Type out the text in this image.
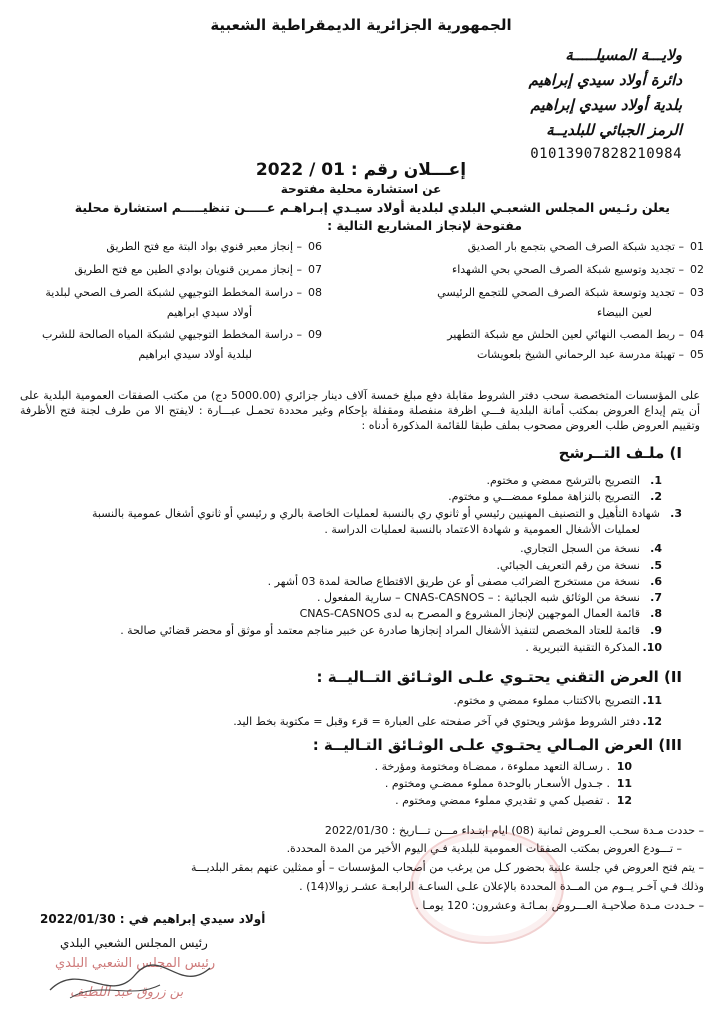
الجمهورية الجزائرية الديمقراطية الشعبية
ولايـــة المسيلـــــة
دائرة أولاد سيدي إبراهيم
بلدية أولاد سيدي إبراهيم
الرمز الجبائي للبلديــة
01013907828210984
إعـــلان رقم : 01 / 2022
عن استشارة محلية مفتوحة
يعلن رئـيس المجلس الشعبـي البلدي لبلدية أولاد سيـدي إبـراهـم عـــــن تنظيـــــم استشارة محلية
مفتوحة لإنجاز المشاريع التالية :
01– تجديد شبكة الصرف الصحي بتجمع بار الصديق
02– تجديد وتوسيع شبكة الصرف الصحي بحي الشهداء
03– تجديد وتوسعة شبكة الصرف الصحي للتجمع الرئيسي
لعين البيضاء
04– ربط المصب النهائي لعين الحلش مع شبكة التطهير
05– تهيئة مدرسة عبد الرحماني الشيخ بلعويشات
06– إنجاز معبر قنوي بواد البتة مع فتح الطريق
07– إنجاز ممرين قنويان بوادي الطين مع فتح الطريق
08– دراسة المخطط التوجيهي لشبكة الصرف الصحي لبلدية
أولاد سيدي ابراهيم
09– دراسة المخطط التوجيهي لشبكة المياه الصالحة للشرب
لبلدية أولاد سيدي ابراهيم
على المؤسسات المتخصصة سحب دفتر الشروط مقابلة دفع مبلغ خمسة آلاف دينار جزائري (5000.00 دج) من مكتب الصفقات العمومية البلدية على أن يتم إيداع العروض بمكتب أمانة البلدية فـــي اظرفة منفصلة ومقفلة بإحكام وغير محددة تحمـل عبـــارة : لايفتح الا من طرف لجنة فتح الأظرفة وتقييم العروض طلب العروض مصحوب بملف طبقا للقائمة المذكورة أدناه :
I) ملـف التــرشح
1.التصريح بالترشح ممضي و مختوم.
2.التصريح بالنزاهة مملوء ممضـــي و مختوم.
3.شهادة التأهيل و التصنيف المهنيين رئيسي أو ثانوي ري بالنسبة لعمليات الخاصة بالري و رئيسي أو ثانوي أشغال عمومية بالنسبة
لعمليات الأشغال العمومية و شهادة الاعتماد بالنسبة لعمليات الدراسة .
4.نسخة من السجل التجاري.
5.نسخة من رقم التعريف الجبائي.
6.نسخة من مستخرج الضرائب مصفى أو عن طريق الاقتطاع صالحة لمدة 03 أشهر .
7.نسخة من الوثائق شبه الجبائية : – CNAS-CASNOS – سارية المفعول .
8.قائمة العمال الموجهين لإنجاز المشروع و المصرح به لدى CNAS-CASNOS
9.قائمة للعتاد المخصص لتنفيذ الأشغال المراد إنجازها صادرة عن خبير مناجم معتمد أو موثق أو محضر قضائي صالحة .
10.المذكرة التقنية التبريرية .
II) العرض التقني يحتـوي علـى الوثـائق التــاليــة :
11.التصريح بالاكتتاب مملوء ممضي و مختوم.
12.دفتر الشروط مؤشر ويحتوي في آخر صفحته على العبارة = قرء وقبل = مكتوبة بخط اليد.
III) العرض المـالي يحتـوي علـى الوثـائق التـاليــة :
10. رسـالة التعهد مملوءة ، ممضـاة ومختومة ومؤرخة .
11. جـدول الأسعـار بالوحدة مملوء ممضـي ومختوم .
12. تفصيل كمي و تقديري مملوء ممضي ومختوم .
– حددت مـدة سحـب العـروض ثمانية (08) ايام ابتـداء مـــن تـــاريخ : 2022/01/30
– تـــودع العروض بمكتب الصفقات العمومية للبلدية فـي اليوم الأخير من المدة المحددة.
– يتم فتح العروض في جلسة علنية بحضور كـل من يرغب من أصحاب المؤسسات – أو ممثلين عنهم بمقر البلديـــة
وذلك فـي آخـر يــوم من المــدة المحددة بالإعلان علـى الساعـة الرابعـة عشـر زوالا(14) .
– حـددت مـدة صلاحيـة العـــروض بمـائـة وعشرون: 120 يومـا .
أولاد سيدي إبراهيم في : 2022/01/30
رئيس المجلس الشعبي البلدي
رئيس المجلس الشعبي البلدي
بن زروق عبد اللطيف
